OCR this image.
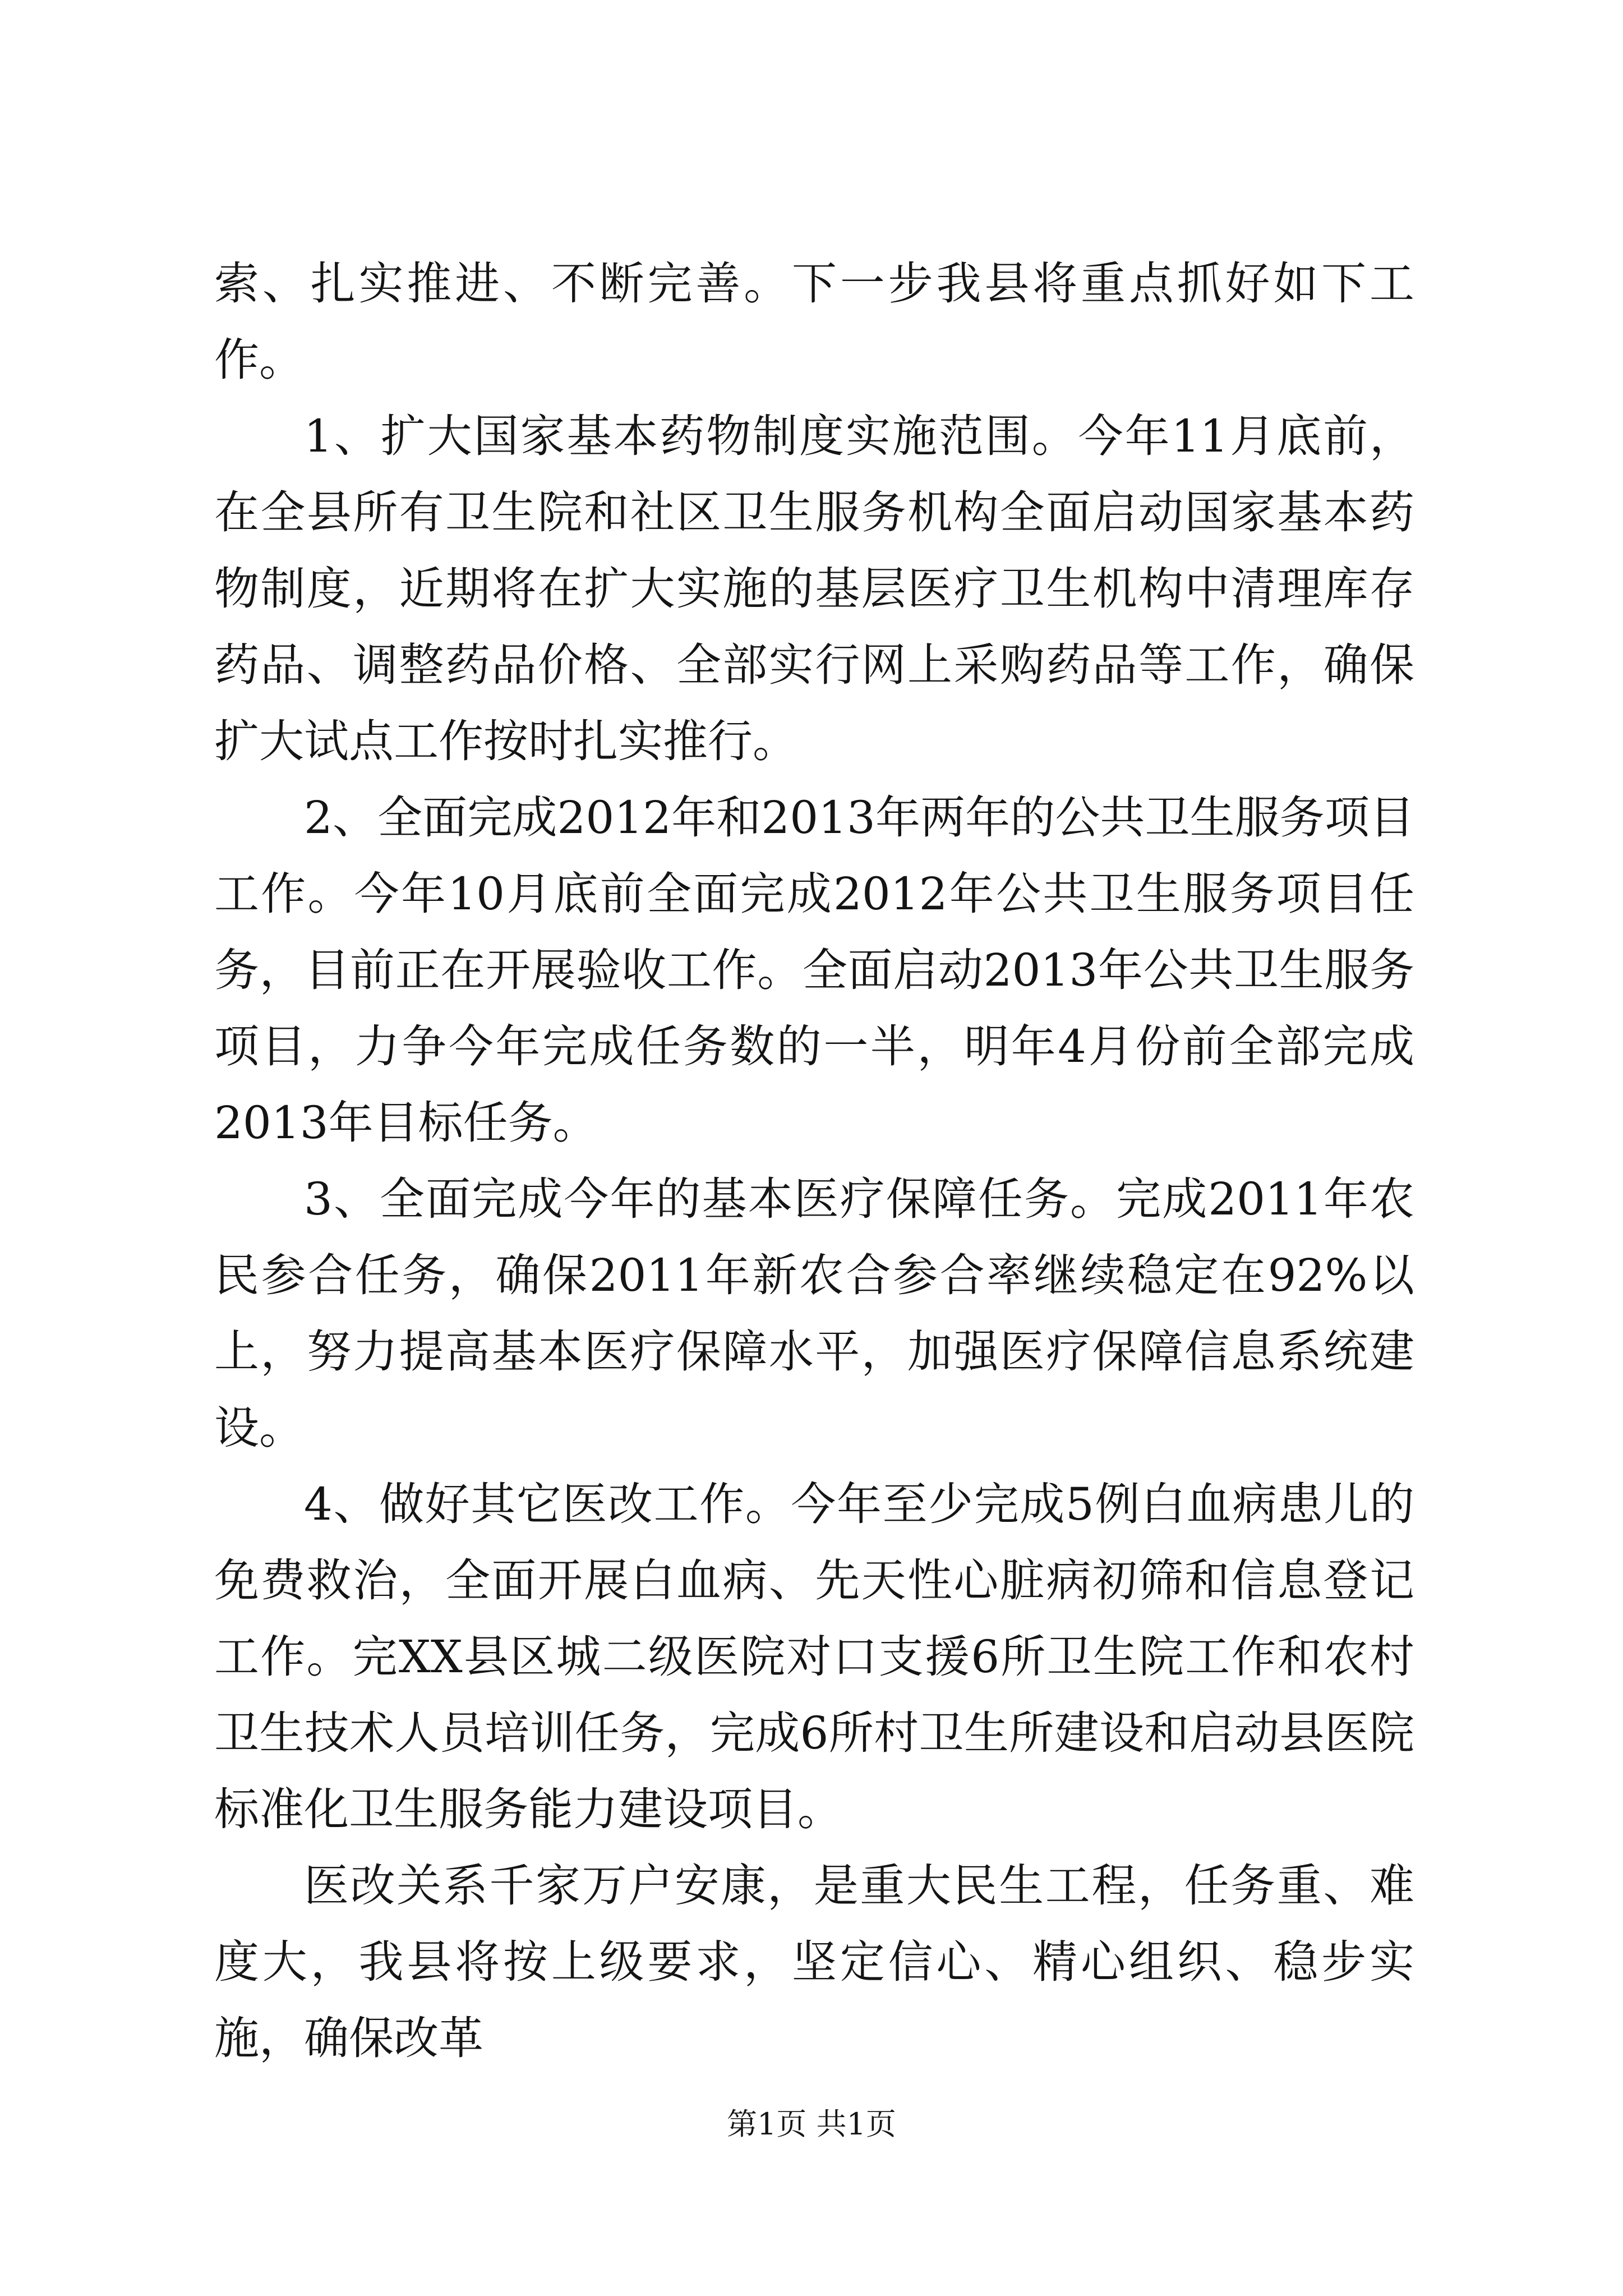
索、扎实推进、不断完善。下一步我县将重点抓好如下工作。

1、扩大国家基本药物制度实施范围。今年11月底前，在全县所有卫生院和社区卫生服务机构全面启动国家基本药物制度，近期将在扩大实施的基层医疗卫生机构中清理库存药品、调整药品价格、全部实行网上采购药品等工作，确保扩大试点工作按时扎实推行。

2、全面完成2012年和2013年两年的公共卫生服务项目工作。今年10月底前全面完成2012年公共卫生服务项目任务，目前正在开展验收工作。全面启动2013年公共卫生服务项目，力争今年完成任务数的一半，明年4月份前全部完成2013年目标任务。

3、全面完成今年的基本医疗保障任务。完成2011年农民参合任务，确保2011年新农合参合率继续稳定在92%以上，努力提高基本医疗保障水平，加强医疗保障信息系统建设。

4、做好其它医改工作。今年至少完成5例白血病患儿的免费救治，全面开展白血病、先天性心脏病初筛和信息登记工作。完XX县区城二级医院对口支援6所卫生院工作和农村卫生技术人员培训任务，完成6所村卫生所建设和启动县医院标准化卫生服务能力建设项目。

医改关系千家万户安康，是重大民生工程，任务重、难度大，我县将按上级要求，坚定信心、精心组织、稳步实施，确保改革

第1页 共1页
